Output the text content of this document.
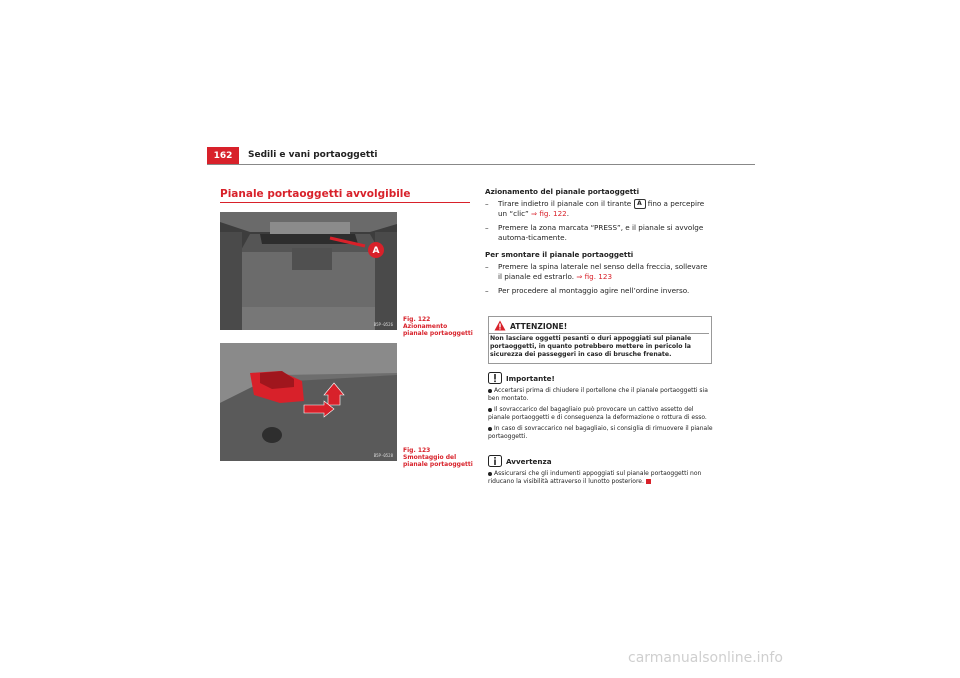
162	Sedili e vani portaoggetti
Pianale portaoggetti avvolgibile
A
B5P-0526
Fig. 122 Azionamento pianale portaoggetti
B5P-0528
Fig. 123 Smontaggio del pianale portaoggetti
Azionamento del pianale portaoggetti
– Tirare indietro il pianale con il tirante A fino a percepire un “clic” ⇒ fig. 122.
– Premere la zona marcata “PRESS”, e il pianale si avvolge automa-ticamente.
Per smontare il pianale portaoggetti
– Premere la spina laterale nel senso della freccia, sollevare il pianale ed estrarlo. ⇒ fig. 123
– Per procedere al montaggio agire nell’ordine inverso.
ATTENZIONE!
Non lasciare oggetti pesanti o duri appoggiati sul pianale portaoggetti, in quanto potrebbero mettere in pericolo la sicurezza dei passeggeri in caso di brusche frenate.
Importante!
Accertarsi prima di chiudere il portellone che il pianale portaoggetti sia ben montato.
Il sovraccarico del bagagliaio può provocare un cattivo assetto del pianale portaoggetti e di conseguenza la deformazione o rottura di esso.
In caso di sovraccarico nel bagagliaio, si consiglia di rimuovere il pianale portaoggetti.
Avvertenza
Assicurarsi che gli indumenti appoggiati sul pianale portaoggetti non riducano la visibilità attraverso il lunotto posteriore.
carmanualsonline.info
